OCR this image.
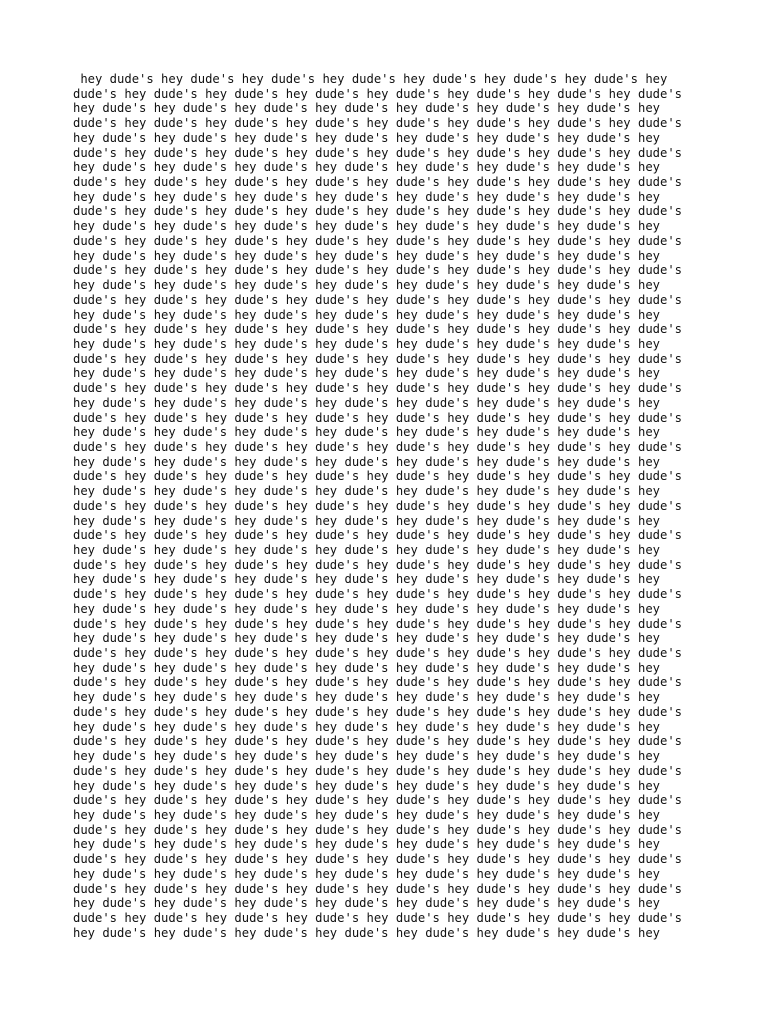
hey dude's hey dude's hey dude's hey dude's hey dude's hey dude's hey dude's hey
dude's hey dude's hey dude's hey dude's hey dude's hey dude's hey dude's hey dude's
hey dude's hey dude's hey dude's hey dude's hey dude's hey dude's hey dude's hey
dude's hey dude's hey dude's hey dude's hey dude's hey dude's hey dude's hey dude's
hey dude's hey dude's hey dude's hey dude's hey dude's hey dude's hey dude's hey
dude's hey dude's hey dude's hey dude's hey dude's hey dude's hey dude's hey dude's
hey dude's hey dude's hey dude's hey dude's hey dude's hey dude's hey dude's hey
dude's hey dude's hey dude's hey dude's hey dude's hey dude's hey dude's hey dude's
hey dude's hey dude's hey dude's hey dude's hey dude's hey dude's hey dude's hey
dude's hey dude's hey dude's hey dude's hey dude's hey dude's hey dude's hey dude's
hey dude's hey dude's hey dude's hey dude's hey dude's hey dude's hey dude's hey
dude's hey dude's hey dude's hey dude's hey dude's hey dude's hey dude's hey dude's
hey dude's hey dude's hey dude's hey dude's hey dude's hey dude's hey dude's hey
dude's hey dude's hey dude's hey dude's hey dude's hey dude's hey dude's hey dude's
hey dude's hey dude's hey dude's hey dude's hey dude's hey dude's hey dude's hey
dude's hey dude's hey dude's hey dude's hey dude's hey dude's hey dude's hey dude's
hey dude's hey dude's hey dude's hey dude's hey dude's hey dude's hey dude's hey
dude's hey dude's hey dude's hey dude's hey dude's hey dude's hey dude's hey dude's
hey dude's hey dude's hey dude's hey dude's hey dude's hey dude's hey dude's hey
dude's hey dude's hey dude's hey dude's hey dude's hey dude's hey dude's hey dude's
hey dude's hey dude's hey dude's hey dude's hey dude's hey dude's hey dude's hey
dude's hey dude's hey dude's hey dude's hey dude's hey dude's hey dude's hey dude's
hey dude's hey dude's hey dude's hey dude's hey dude's hey dude's hey dude's hey
dude's hey dude's hey dude's hey dude's hey dude's hey dude's hey dude's hey dude's
hey dude's hey dude's hey dude's hey dude's hey dude's hey dude's hey dude's hey
dude's hey dude's hey dude's hey dude's hey dude's hey dude's hey dude's hey dude's
hey dude's hey dude's hey dude's hey dude's hey dude's hey dude's hey dude's hey
dude's hey dude's hey dude's hey dude's hey dude's hey dude's hey dude's hey dude's
hey dude's hey dude's hey dude's hey dude's hey dude's hey dude's hey dude's hey
dude's hey dude's hey dude's hey dude's hey dude's hey dude's hey dude's hey dude's
hey dude's hey dude's hey dude's hey dude's hey dude's hey dude's hey dude's hey
dude's hey dude's hey dude's hey dude's hey dude's hey dude's hey dude's hey dude's
hey dude's hey dude's hey dude's hey dude's hey dude's hey dude's hey dude's hey
dude's hey dude's hey dude's hey dude's hey dude's hey dude's hey dude's hey dude's
hey dude's hey dude's hey dude's hey dude's hey dude's hey dude's hey dude's hey
dude's hey dude's hey dude's hey dude's hey dude's hey dude's hey dude's hey dude's
hey dude's hey dude's hey dude's hey dude's hey dude's hey dude's hey dude's hey
dude's hey dude's hey dude's hey dude's hey dude's hey dude's hey dude's hey dude's
hey dude's hey dude's hey dude's hey dude's hey dude's hey dude's hey dude's hey
dude's hey dude's hey dude's hey dude's hey dude's hey dude's hey dude's hey dude's
hey dude's hey dude's hey dude's hey dude's hey dude's hey dude's hey dude's hey
dude's hey dude's hey dude's hey dude's hey dude's hey dude's hey dude's hey dude's
hey dude's hey dude's hey dude's hey dude's hey dude's hey dude's hey dude's hey
dude's hey dude's hey dude's hey dude's hey dude's hey dude's hey dude's hey dude's
hey dude's hey dude's hey dude's hey dude's hey dude's hey dude's hey dude's hey
dude's hey dude's hey dude's hey dude's hey dude's hey dude's hey dude's hey dude's
hey dude's hey dude's hey dude's hey dude's hey dude's hey dude's hey dude's hey
dude's hey dude's hey dude's hey dude's hey dude's hey dude's hey dude's hey dude's
hey dude's hey dude's hey dude's hey dude's hey dude's hey dude's hey dude's hey
dude's hey dude's hey dude's hey dude's hey dude's hey dude's hey dude's hey dude's
hey dude's hey dude's hey dude's hey dude's hey dude's hey dude's hey dude's hey
dude's hey dude's hey dude's hey dude's hey dude's hey dude's hey dude's hey dude's
hey dude's hey dude's hey dude's hey dude's hey dude's hey dude's hey dude's hey
dude's hey dude's hey dude's hey dude's hey dude's hey dude's hey dude's hey dude's
hey dude's hey dude's hey dude's hey dude's hey dude's hey dude's hey dude's hey
dude's hey dude's hey dude's hey dude's hey dude's hey dude's hey dude's hey dude's
hey dude's hey dude's hey dude's hey dude's hey dude's hey dude's hey dude's hey
dude's hey dude's hey dude's hey dude's hey dude's hey dude's hey dude's hey dude's
hey dude's hey dude's hey dude's hey dude's hey dude's hey dude's hey dude's hey
